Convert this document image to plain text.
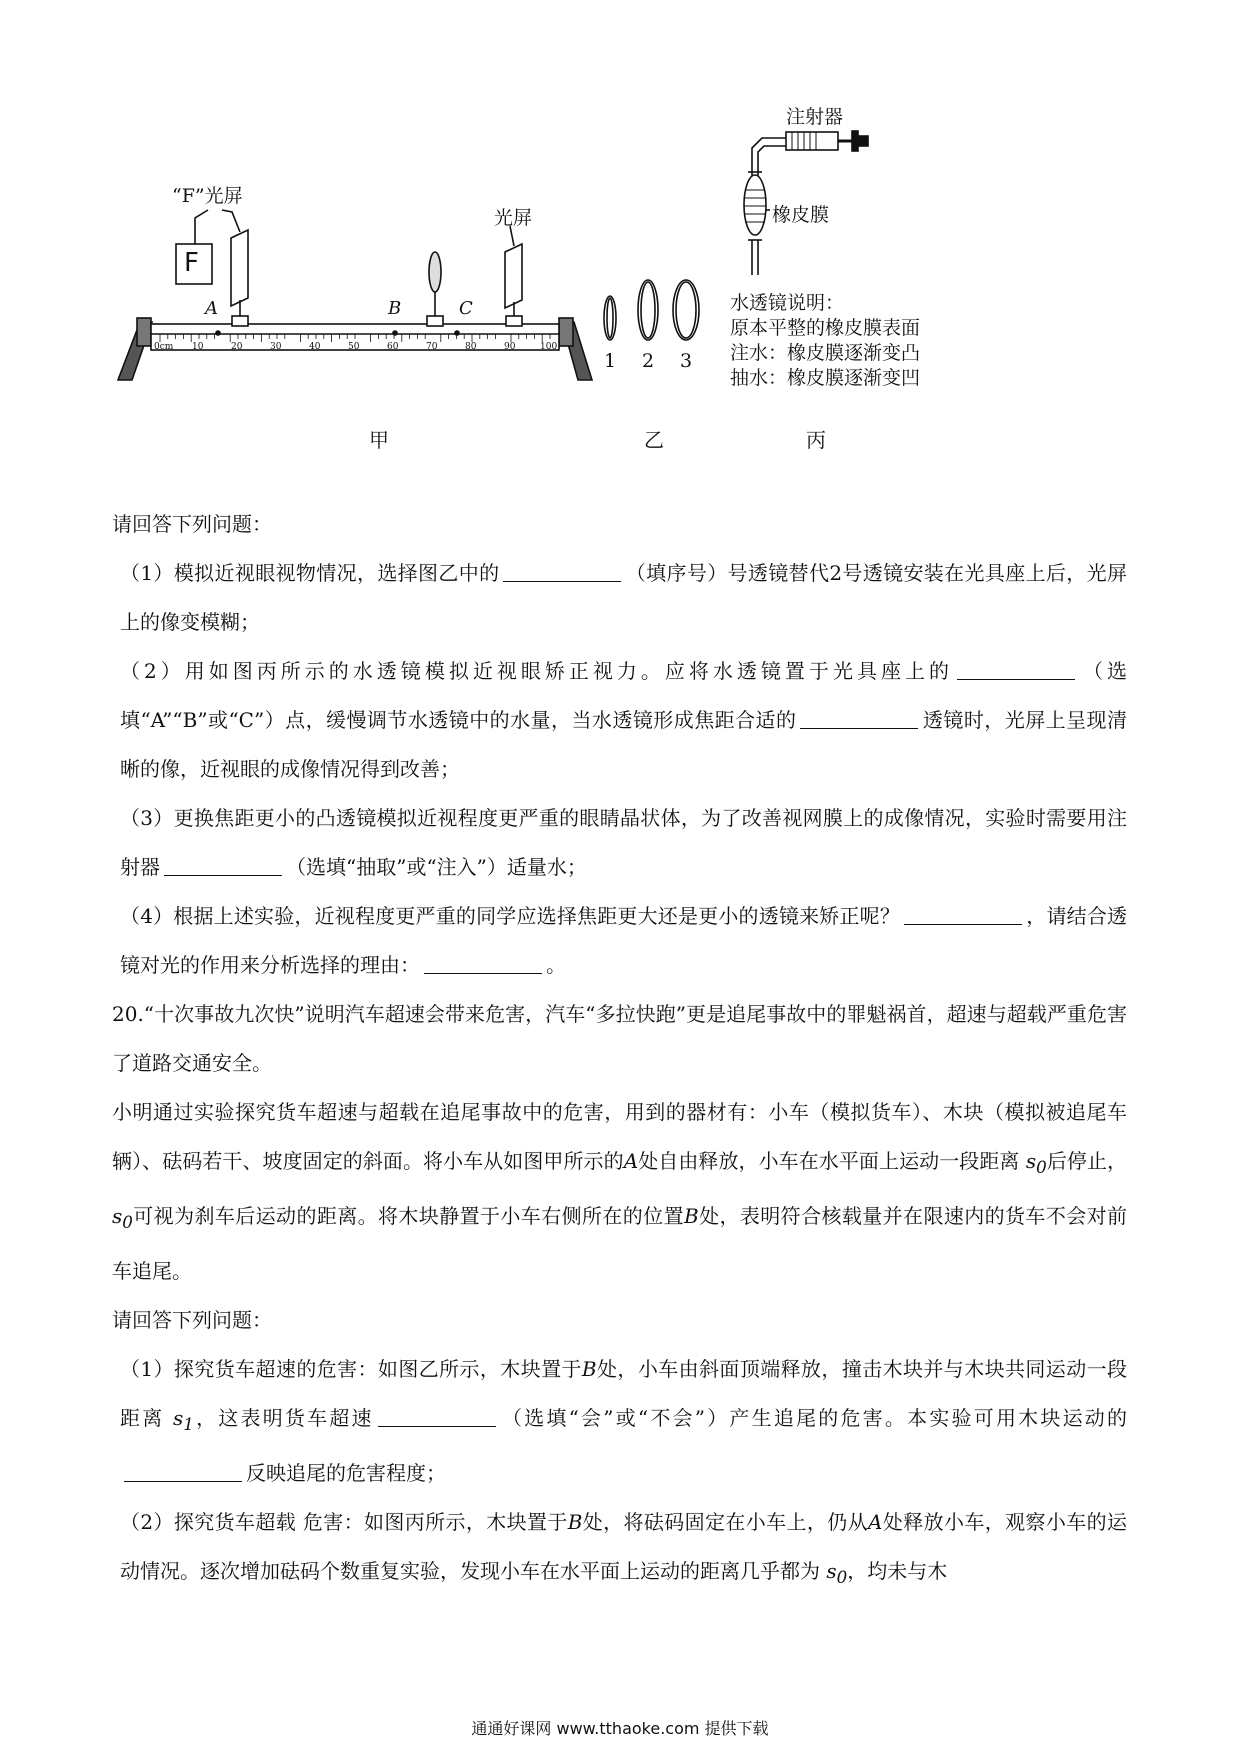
“F”光屏
F
光屏
A	B	C
0cm 10	20	30	40	50	60	70	80	90	100
1 2 3
注射器
橡皮膜
水透镜说明：
原本平整的橡皮膜表面
注水：橡皮膜逐渐变凸
抽水：橡皮膜逐渐变凹
甲	乙	丙

请回答下列问题：

（1）模拟近视眼视物情况，选择图乙中的	（填序号）号透镜替代2号透镜安装在光具座上后，光屏上的像变模糊；

（2）用如图丙所示的水透镜模拟近视眼矫正视力。应将水透镜置于光具座上的	（选填“A”“B”或“C”）点，缓慢调节水透镜中的水量，当水透镜形成焦距合适的	透镜时，光屏上呈现清晰的像，近视眼的成像情况得到改善；

（3）更换焦距更小的凸透镜模拟近视程度更严重的眼睛晶状体，为了改善视网膜上的成像情况，实验时需要用注射器	（选填“抽取”或“注入”）适量水；

（4）根据上述实验，近视程度更严重的同学应选择焦距更大还是更小的透镜来矫正呢？	，请结合透镜对光的作用来分析选择的理由：	。

20.“十次事故九次快”说明汽车超速会带来危害，汽车“多拉快跑”更是追尾事故中的罪魁祸首，超速与超载严重危害了道路交通安全。

小明通过实验探究货车超速与超载在追尾事故中的危害，用到的器材有：小车（模拟货车）、木块（模拟被追尾车辆）、砝码若干、坡度固定的斜面。将小车从如图甲所示的A处自由释放，小车在水平面上运动一段距离 $s_0$后停止，$s_0$可视为刹车后运动的距离。将木块静置于小车右侧所在的位置B处，表明符合核载量并在限速内的货车不会对前车追尾。

请回答下列问题：

（1）探究货车超速的危害：如图乙所示，木块置于B处，小车由斜面顶端释放，撞击木块并与木块共同运动一段距离 $s_1$，这表明货车超速	（选填“会”或“不会”）产生追尾的危害。本实验可用木块运动的反映追尾的危害程度；

（2）探究货车超载 危害：如图丙所示，木块置于B处，将砝码固定在小车上，仍从A处释放小车，观察小车的运动情况。逐次增加砝码个数重复实验，发现小车在水平面上运动的距离几乎都为 $s_0$，均未与木

通通好课网 www.tthaoke.com 提供下载
